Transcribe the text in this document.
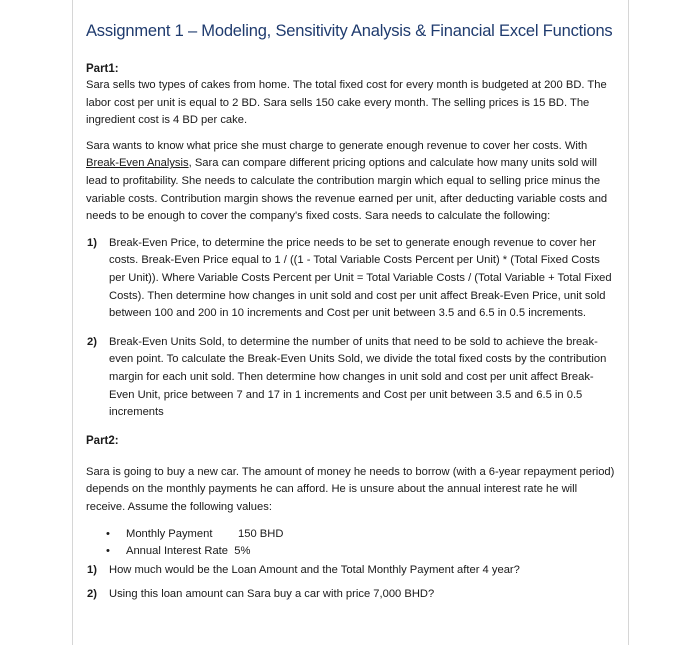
Assignment 1 – Modeling, Sensitivity Analysis & Financial Excel Functions
Part1:

Sara sells two types of cakes from home. The total fixed cost for every month is budgeted at 200 BD. The labor cost per unit is equal to 2 BD. Sara sells 150 cake every month. The selling prices is 15 BD. The ingredient cost is 4 BD per cake.

Sara wants to know what price she must charge to generate enough revenue to cover her costs. With Break-Even Analysis, Sara can compare different pricing options and calculate how many units sold will lead to profitability. She needs to calculate the contribution margin which equal to selling price minus the variable costs. Contribution margin shows the revenue earned per unit, after deducting variable costs and needs to be enough to cover the company's fixed costs. Sara needs to calculate the following:

1) Break-Even Price, to determine the price needs to be set to generate enough revenue to cover her costs. Break-Even Price equal to 1 / ((1 - Total Variable Costs Percent per Unit) * (Total Fixed Costs per Unit)). Where Variable Costs Percent per Unit = Total Variable Costs / (Total Variable + Total Fixed Costs). Then determine how changes in unit sold and cost per unit affect Break-Even Price, unit sold between 100 and 200 in 10 increments and Cost per unit between 3.5 and 6.5 in 0.5 increments.
2) Break-Even Units Sold, to determine the number of units that need to be sold to achieve the break-even point. To calculate the Break-Even Units Sold, we divide the total fixed costs by the contribution margin for each unit sold. Then determine how changes in unit sold and cost per unit affect Break-Even Unit, price between 7 and 17 in 1 increments and Cost per unit between 3.5 and 6.5 in 0.5 increments
Part2:

Sara is going to buy a new car. The amount of money he needs to borrow (with a 6-year repayment period) depends on the monthly payments he can afford. He is unsure about the annual interest rate he will receive. Assume the following values:

• Monthly Payment 150 BHD
• Annual Interest Rate 5%
1) How much would be the Loan Amount and the Total Monthly Payment after 4 year?
2) Using this loan amount can Sara buy a car with price 7,000 BHD?
